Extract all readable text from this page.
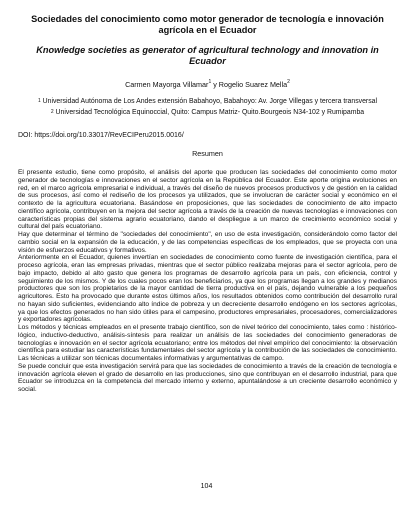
Sociedades del conocimiento como motor generador de tecnología e innovación agrícola en el Ecuador

Knowledge societies as generator of agricultural technology and innovation in Ecuador

Carmen Mayorga Villamar$^1$ y Rogelio Suarez Mella$^2$
$^1$ Universidad Autónoma de Los Andes extensión Babahoyo, Babahoyo: Av. Jorge Villegas y tercera transversal
$^2$ Universidad Tecnológica Equinoccial, Quito: Campus Matriz- Quito.Bourgeois N34-102 y Rumipamba
DOI: https://doi.org/10.33017/RevECIPeru2015.0016/
Resumen

El presente estudio, tiene como propósito, el análisis del aporte que producen las sociedades del conocimiento como motor generador de tecnologías e innovaciones en el sector agrícola en la República del Ecuador. Este aporte origina evoluciones en red, en el marco agrícola empresarial e individual, a través del diseño de nuevos procesos productivos y de gestión en la calidad de sus procesos, así como el rediseño de los procesos ya utilizados, que se involucran de carácter social y económico en el contexto de la agricultura ecuatoriana. Basándose en proposiciones, que las sociedades de conocimiento de alto impacto científico agrícola, contribuyen en la mejora del sector agrícola a través de la creación de nuevas tecnologías e innovaciones con características propias del sistema agrario ecuatoriano, dando el despliegue a un marco de crecimiento económico social y cultural del país ecuatoriano.

Hay que determinar el término de "sociedades del conocimiento", en uso de esta investigación, considerándolo como factor del cambio social en la expansión de la educación, y de las competencias específicas de los empleados, que se proyecta con una visión de esfuerzos educativos y formativos.

Anteriormente en el Ecuador, quienes invertían en sociedades de conocimiento como fuente de investigación científica, para el proceso agrícola, eran las empresas privadas, mientras que el sector público realizaba mejoras para el sector agrícola, pero de bajo impacto, debido al alto gasto que genera los programas de desarrollo agrícola para un país, con eficiencia, control y seguimiento de los mismos. Y de los cuales pocos eran los beneficiarios, ya que los programas llegan a los grandes y medianos productores que son los propietarios de la mayor cantidad de tierra productiva en el país, dejando vulnerable a los pequeños agricultores. Esto ha provocado que durante estos últimos años, los resultados obtenidos como contribución del desarrollo rural no hayan sido suficientes, evidenciando alto índice de pobreza y un decreciente desarrollo endógeno en los sectores agrícolas, ya que los efectos generados no han sido útiles para el campesino, productores empresariales, procesadores, comercializadores y exportadores agrícolas.

Los métodos y técnicas empleados en el presente trabajo científico, son de nivel teórico del conocimiento, tales como : histórico-lógico, inductivo-deductivo, análisis-síntesis para realizar un análisis de las sociedades del conocimiento generadoras de tecnologías e innovación en el sector agrícola ecuatoriano; entre los métodos del nivel empírico del conocimiento: la observación científica para estudiar las características fundamentales del sector agrícola y la contribución de las sociedades de conocimiento. Las técnicas a utilizar son técnicas documentales informativas y argumentativas de campo.

Se puede concluir que esta investigación servirá para que las sociedades de conocimiento a través de la creación de tecnología e innovación agrícola eleven el grado de desarrollo en las producciones, sino que contribuyan en el desarrollo industrial, para que Ecuador se introduzca en la competencia del mercado interno y externo, apuntalándose a un creciente desarrollo económico y social.

104
